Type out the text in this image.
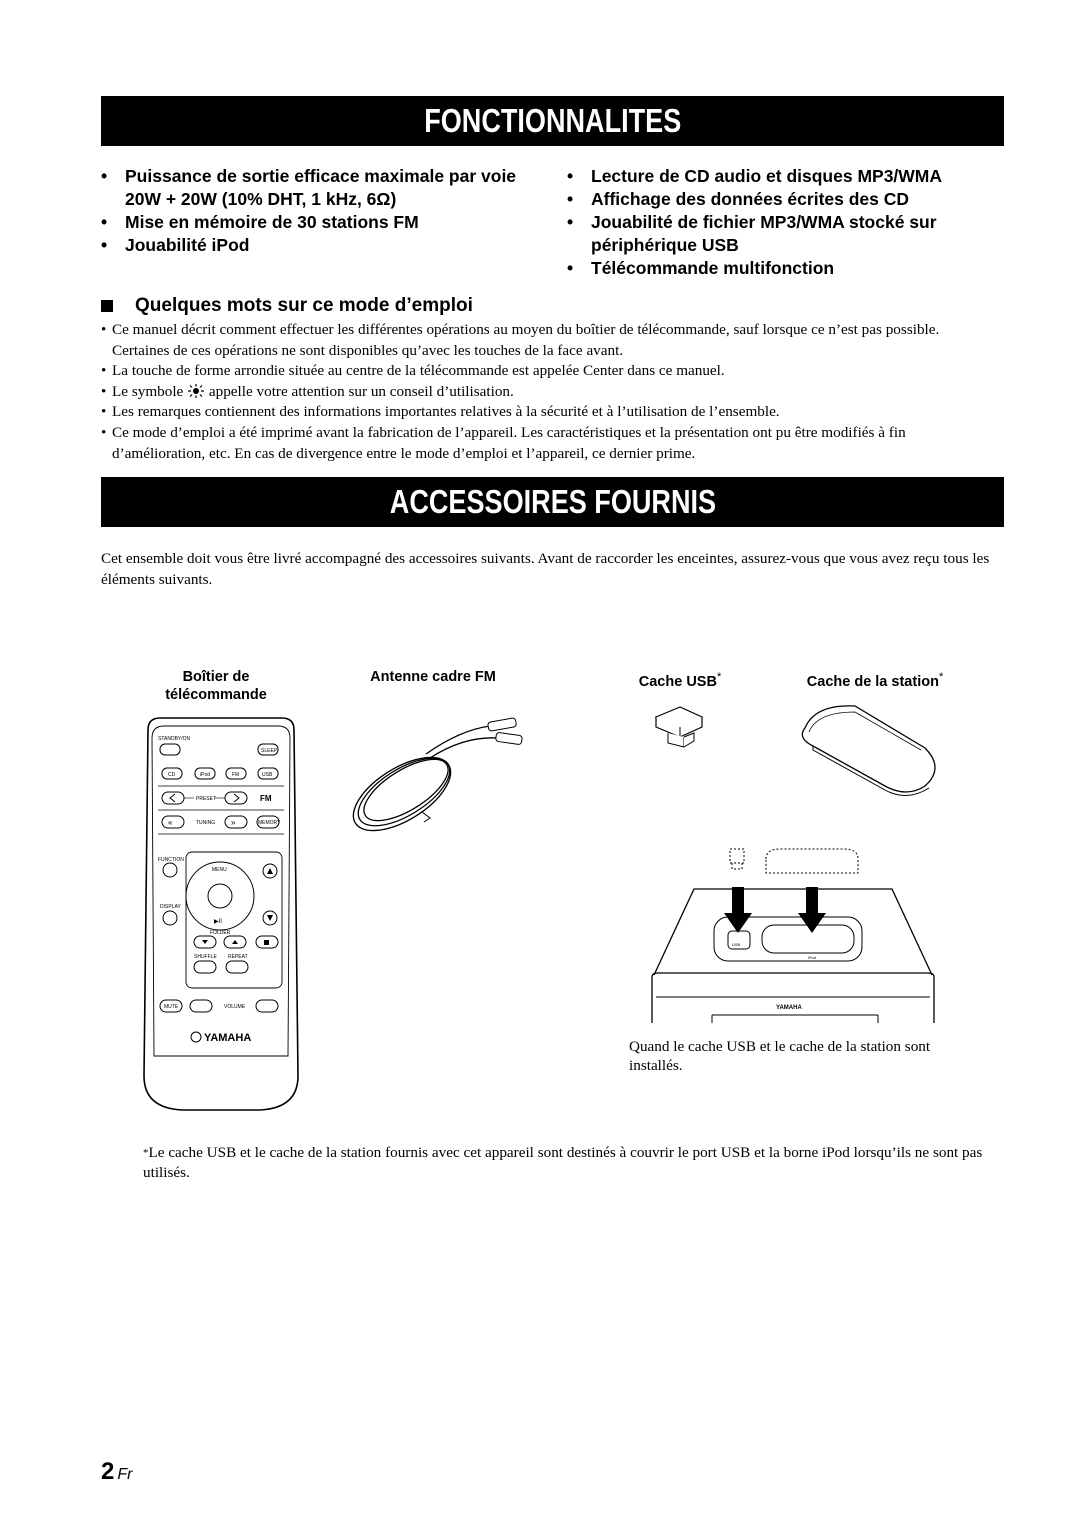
FONCTIONNALITES
• Puissance de sortie efficace maximale par voie 20W + 20W (10% DHT, 1 kHz, 6Ω)
• Mise en mémoire de 30 stations FM
• Jouabilité iPod
• Lecture de CD audio et disques MP3/WMA
• Affichage des données écrites des CD
• Jouabilité de fichier MP3/WMA stocké sur périphérique USB
• Télécommande multifonction
Quelques mots sur ce mode d’emploi
• Ce manuel décrit comment effectuer les différentes opérations au moyen du boîtier de télécommande, sauf lorsque ce n’est pas possible. Certaines de ces opérations ne sont disponibles qu’avec les touches de la face avant.
• La touche de forme arrondie située au centre de la télécommande est appelée Center dans ce manuel.
• Le symbole appelle votre attention sur un conseil d’utilisation.
• Les remarques contiennent des informations importantes relatives à la sécurité et à l’utilisation de l’ensemble.
• Ce mode d’emploi a été imprimé avant la fabrication de l’appareil. Les caractéristiques et la présentation ont pu être modifiés à fin d’amélioration, etc. En cas de divergence entre le mode d’emploi et l’appareil, ce dernier prime.
ACCESSOIRES FOURNIS

Cet ensemble doit vous être livré accompagné des accessoires suivants. Avant de raccorder les enceintes, assurez-vous que vous avez reçu tous les éléments suivants.

Boîtier de télécommande
Antenne cadre FM	Cache USB*	Cache de la station*
STANDBY/ON
SLEEP
CD	iPod	FM	USB
PRESET	FM
«	TUNING »	MEMORY
FUNCTION
DISPLAY
MENU
▶II
FOLDER
SHUFFLE REPEAT
MUTE	VOLUME
YAMAHA
USB
iPod
YAMAHA

Quand le cache USB et le cache de la station sont installés.

*Le cache USB et le cache de la station fournis avec cet appareil sont destinés à couvrir le port USB et la borne iPod lorsqu’ils ne sont pas utilisés.

2 Fr
